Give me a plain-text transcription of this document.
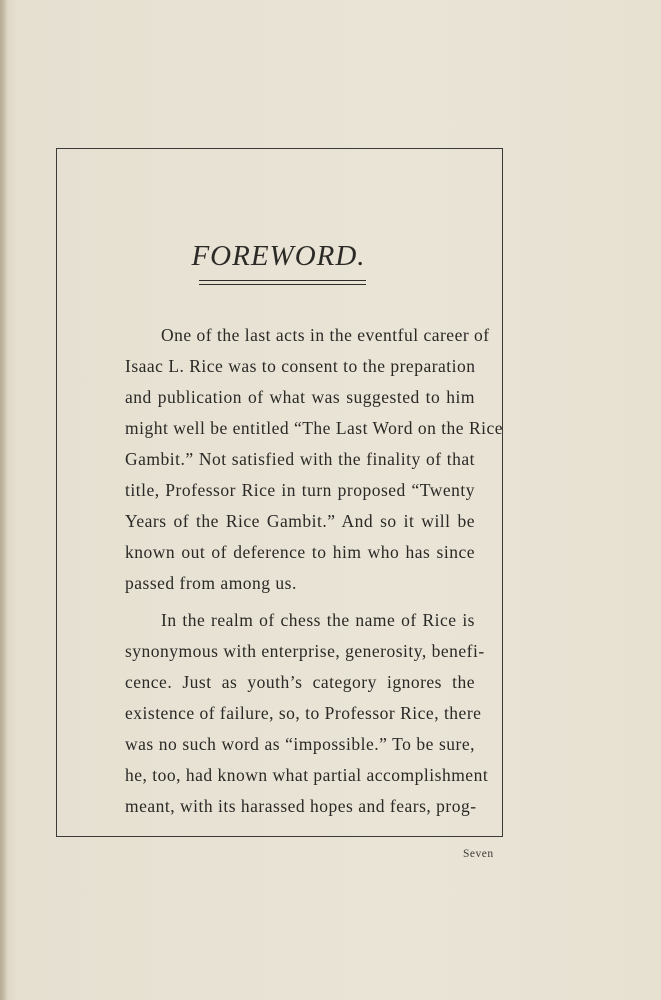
FOREWORD.
One of the last acts in the eventful career of
Isaac L. Rice was to consent to the preparation
and publication of what was suggested to him
might well be entitled “The Last Word on the Rice
Gambit.” Not satisfied with the finality of that
title, Professor Rice in turn proposed “Twenty
Years of the Rice Gambit.” And so it will be
known out of deference to him who has since
passed from among us.
In the realm of chess the name of Rice is
synonymous with enterprise, generosity, benefi-
cence. Just as youth’s category ignores the
existence of failure, so, to Professor Rice, there
was no such word as “impossible.” To be sure,
he, too, had known what partial accomplishment
meant, with its harassed hopes and fears, prog-
Seven
